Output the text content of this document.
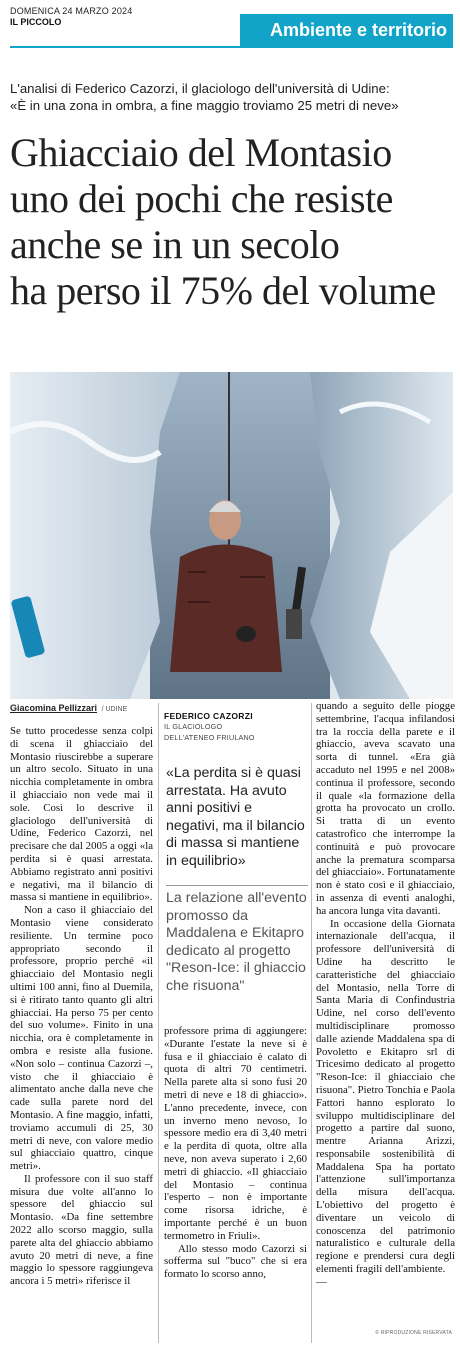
DOMENICA 24 MARZO 2024
IL PICCOLO	Ambiente e territorio
L'analisi di Federico Cazorzi, il glaciologo dell'università di Udine:
«È in una zona in ombra, a fine maggio troviamo 25 metri di neve»
Ghiacciaio del Montasio
uno dei pochi che resiste
anche se in un secolo
ha perso il 75% del volume
Giacomina Pellizzari / UDINE

Se tutto procedesse senza colpi di scena il ghiacciaio del Montasio riuscirebbe a superare un altro secolo. Situato in una nicchia completamente in ombra il ghiacciaio non vede mai il sole. Così lo descrive il glaciologo dell'università di Udine, Federico Cazorzi, nel precisare che dal 2005 a oggi «la perdita si è quasi arrestata. Abbiamo registrato anni positivi e negativi, ma il bilancio di massa si mantiene in equilibrio».

Non a caso il ghiacciaio del Montasio viene considerato resiliente. Un termine poco appropriato secondo il professore, proprio perché «il ghiacciaio del Montasio negli ultimi 100 anni, fino al Duemila, si è ritirato tanto quanto gli altri ghiacciai. Ha perso 75 per cento del suo volume». Finito in una nicchia, ora è completamente in ombra e resiste alla fusione. «Non solo – continua Cazorzi –, visto che il ghiacciaio è alimentato anche dalla neve che cade sulla parete nord del Montasio. A fine maggio, infatti, troviamo accumuli di 25, 30 metri di neve, con valore medio sul ghiacciaio quattro, cinque metri».

Il professore con il suo staff misura due volte all'anno lo spessore del ghiaccio sul Montasio. «Da fine settembre 2022 allo scorso maggio, sulla parete alta del ghiaccio abbiamo avuto 20 metri di neve, a fine maggio lo spessore raggiungeva ancora i 5 metri» riferisce il

FEDERICO CAZORZI
IL GLACIOLOGO
DELL'ATENEO FRIULANO
«La perdita si è quasi arrestata. Ha avuto anni positivi e negativi, ma il bilancio di massa si mantiene in equilibrio»
La relazione all'evento promosso da Maddalena e Ekitapro dedicato al progetto "Reson-Ice: il ghiaccio che risuona"

professore prima di aggiungere: «Durante l'estate la neve si è fusa e il ghiacciaio è calato di quota di altri 70 centimetri. Nella parete alta si sono fusi 20 metri di neve e 18 di ghiaccio». L'anno precedente, invece, con un inverno meno nevoso, lo spessore medio era di 3,40 metri e la perdita di quota, oltre alla neve, non aveva superato i 2,60 metri di ghiaccio. «Il ghiacciaio del Montasio – continua l'esperto – non è importante come risorsa idriche, è importante perché è un buon termometro in Friuli».

Allo stesso modo Cazorzi si sofferma sul "buco" che si era formato lo scorso anno,

quando a seguito delle piogge settembrine, l'acqua infilandosi tra la roccia della parete e il ghiaccio, aveva scavato una sorta di tunnel. «Era già accaduto nel 1995 e nel 2008» continua il professore, secondo il quale «la formazione della grotta ha provocato un crollo. Si tratta di un evento catastrofico che interrompe la continuità e può provocare anche la prematura scomparsa del ghiacciaio». Fortunatamente non è stato così e il ghiacciaio, in assenza di eventi analoghi, ha ancora lunga vita davanti.

In occasione della Giornata internazionale dell'acqua, il professore dell'università di Udine ha descritto le caratteristiche del ghiacciaio del Montasio, nella Torre di Santa Maria di Confindustria Udine, nel corso dell'evento multidisciplinare promosso dalle aziende Maddalena spa di Povoletto e Ekitapro srl di Tricesimo dedicato al progetto "Reson-Ice: il ghiacciaio che risuona". Pietro Tonchia e Paola Fattori hanno esplorato lo sviluppo multidisciplinare del progetto a partire dal suono, mentre Arianna Arizzi, responsabile sostenibilità di Maddalena Spa ha portato l'attenzione sull'importanza della misura dell'acqua. L'obiettivo del progetto è diventare un veicolo di conoscenza del patrimonio naturalistico e culturale della regione e prendersi cura degli elementi fragili dell'ambiente.

—

© RIPRODUZIONE RISERVATA
